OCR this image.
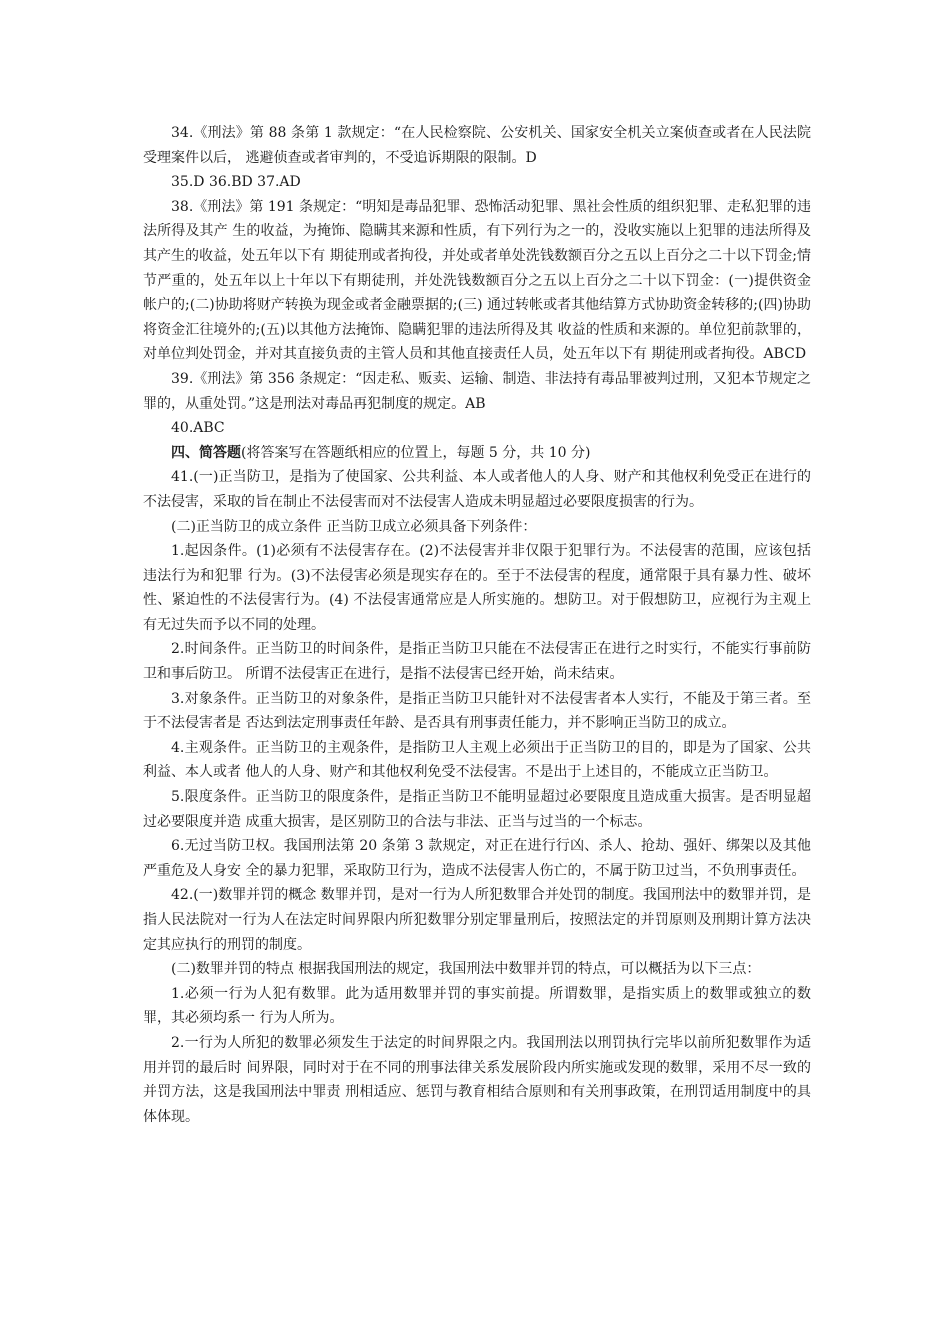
34.《刑法》第 88 条第 1 款规定：“在人民检察院、公安机关、国家安全机关立案侦查或者在人民法院受理案件以后， 逃避侦查或者审判的，不受追诉期限的限制。D

35.D 36.BD 37.AD

38.《刑法》第 191 条规定：“明知是毒品犯罪、恐怖活动犯罪、黑社会性质的组织犯罪、走私犯罪的违法所得及其产 生的收益，为掩饰、隐瞒其来源和性质，有下列行为之一的，没收实施以上犯罪的违法所得及其产生的收益，处五年以下有 期徒刑或者拘役，并处或者单处洗钱数额百分之五以上百分之二十以下罚金;情节严重的，处五年以上十年以下有期徒刑，并处洗钱数额百分之五以上百分之二十以下罚金：(一)提供资金帐户的;(二)协助将财产转换为现金或者金融票据的;(三) 通过转帐或者其他结算方式协助资金转移的;(四)协助将资金汇往境外的;(五)以其他方法掩饰、隐瞒犯罪的违法所得及其 收益的性质和来源的。单位犯前款罪的，对单位判处罚金，并对其直接负责的主管人员和其他直接责任人员，处五年以下有 期徒刑或者拘役。ABCD

39.《刑法》第 356 条规定：“因走私、贩卖、运输、制造、非法持有毒品罪被判过刑，又犯本节规定之罪的，从重处罚。”这是刑法对毒品再犯制度的规定。AB

40.ABC

四、简答题(将答案写在答题纸相应的位置上，每题 5 分，共 10 分)

41.(一)正当防卫，是指为了使国家、公共利益、本人或者他人的人身、财产和其他权利免受正在进行的不法侵害，采取的旨在制止不法侵害而对不法侵害人造成未明显超过必要限度损害的行为。

(二)正当防卫的成立条件 正当防卫成立必须具备下列条件：

1.起因条件。(1)必须有不法侵害存在。(2)不法侵害并非仅限于犯罪行为。不法侵害的范围，应该包括违法行为和犯罪 行为。(3)不法侵害必须是现实存在的。至于不法侵害的程度，通常限于具有暴力性、破坏性、紧迫性的不法侵害行为。(4) 不法侵害通常应是人所实施的。想防卫。对于假想防卫，应视行为主观上有无过失而予以不同的处理。

2.时间条件。正当防卫的时间条件，是指正当防卫只能在不法侵害正在进行之时实行，不能实行事前防卫和事后防卫。 所谓不法侵害正在进行，是指不法侵害已经开始，尚未结束。

3.对象条件。正当防卫的对象条件，是指正当防卫只能针对不法侵害者本人实行，不能及于第三者。至于不法侵害者是 否达到法定刑事责任年龄、是否具有刑事责任能力，并不影响正当防卫的成立。

4.主观条件。正当防卫的主观条件，是指防卫人主观上必须出于正当防卫的目的，即是为了国家、公共利益、本人或者 他人的人身、财产和其他权利免受不法侵害。不是出于上述目的，不能成立正当防卫。

5.限度条件。正当防卫的限度条件，是指正当防卫不能明显超过必要限度且造成重大损害。是否明显超过必要限度并造 成重大损害，是区别防卫的合法与非法、正当与过当的一个标志。

6.无过当防卫权。我国刑法第 20 条第 3 款规定，对正在进行行凶、杀人、抢劫、强奸、绑架以及其他严重危及人身安 全的暴力犯罪，采取防卫行为，造成不法侵害人伤亡的，不属于防卫过当，不负刑事责任。

42.(一)数罪并罚的概念 数罪并罚，是对一行为人所犯数罪合并处罚的制度。我国刑法中的数罪并罚，是指人民法院对一行为人在法定时间界限内所犯数罪分别定罪量刑后，按照法定的并罚原则及刑期计算方法决定其应执行的刑罚的制度。

(二)数罪并罚的特点 根据我国刑法的规定，我国刑法中数罪并罚的特点，可以概括为以下三点：

1.必须一行为人犯有数罪。此为适用数罪并罚的事实前提。所谓数罪，是指实质上的数罪或独立的数罪，其必须均系一 行为人所为。

2.一行为人所犯的数罪必须发生于法定的时间界限之内。我国刑法以刑罚执行完毕以前所犯数罪作为适用并罚的最后时 间界限，同时对于在不同的刑事法律关系发展阶段内所实施或发现的数罪，采用不尽一致的并罚方法，这是我国刑法中罪责 刑相适应、惩罚与教育相结合原则和有关刑事政策，在刑罚适用制度中的具体体现。
